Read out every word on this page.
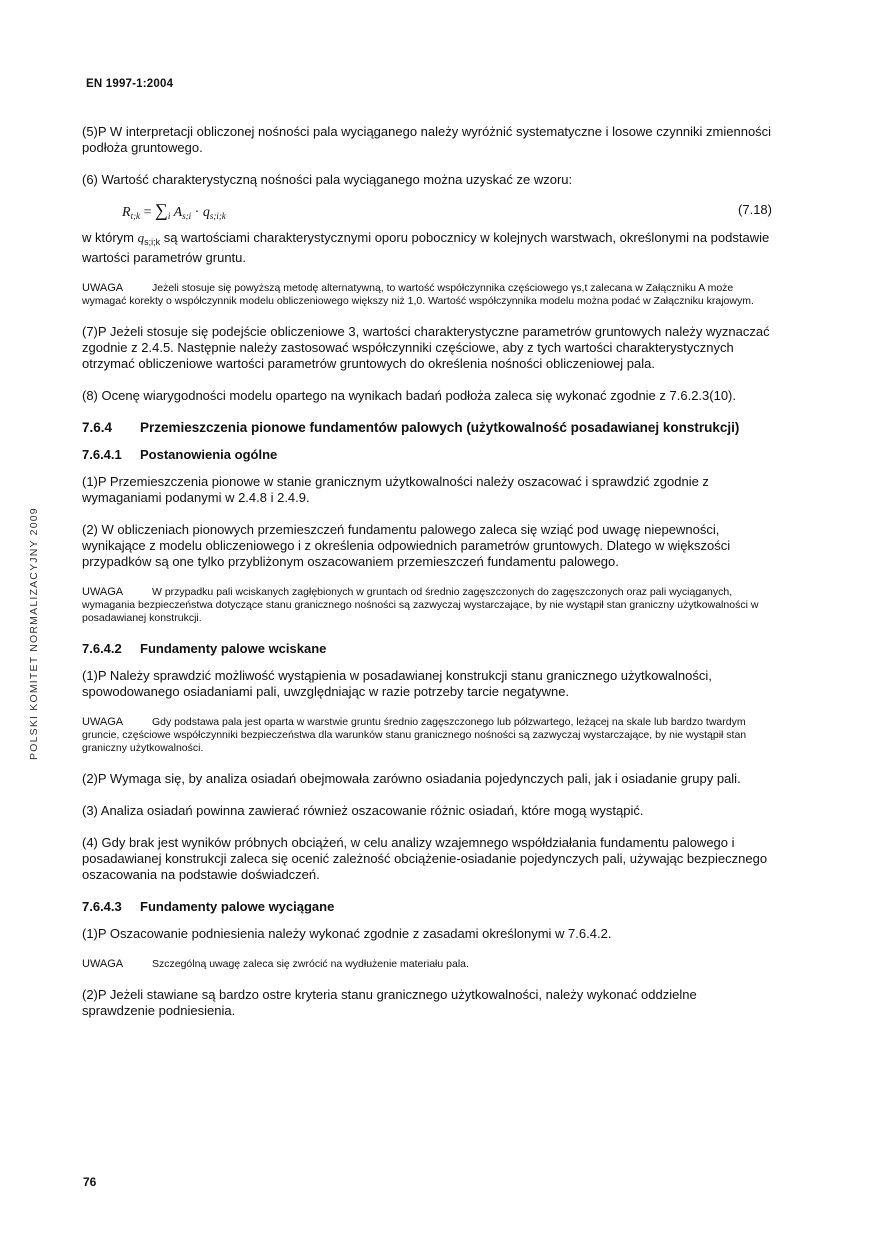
EN 1997-1:2004
POLSKI KOMITET NORMALIZACYJNY 2009

(5)P W interpretacji obliczonej nośności pala wyciąganego należy wyróżnić systematyczne i losowe czynniki zmienności podłoża gruntowego.

(6) Wartość charakterystyczną nośności pala wyciąganego można uzyskać ze wzoru:

$R_{t;k} = \sum_i$ $A_{s;i} \cdot q_{s;i;k}$	(7.18)

w którym $q_{s;i;k}$ są wartościami charakterystycznymi oporu pobocznicy w kolejnych warstwach, określonymi na podstawie wartości parametrów gruntu.

UWAGA	Jeżeli stosuje się powyższą metodę alternatywną, to wartość współczynnika częściowego γs,t zalecana w Załączniku A może wymagać korekty o współczynnik modelu obliczeniowego większy niż 1,0. Wartość współczynnika modelu można podać w Załączniku krajowym.

(7)P Jeżeli stosuje się podejście obliczeniowe 3, wartości charakterystyczne parametrów gruntowych należy wyznaczać zgodnie z 2.4.5. Następnie należy zastosować współczynniki częściowe, aby z tych wartości charakterystycznych otrzymać obliczeniowe wartości parametrów gruntowych do określenia nośności obliczeniowej pala.

(8) Ocenę wiarygodności modelu opartego na wynikach badań podłoża zaleca się wykonać zgodnie z 7.6.2.3(10).

7.6.4 Przemieszczenia pionowe fundamentów palowych (użytkowalność posadawianej konstrukcji)
7.6.4.1 Postanowienia ogólne

(1)P Przemieszczenia pionowe w stanie granicznym użytkowalności należy oszacować i sprawdzić zgodnie z wymaganiami podanymi w 2.4.8 i 2.4.9.

(2) W obliczeniach pionowych przemieszczeń fundamentu palowego zaleca się wziąć pod uwagę niepewności, wynikające z modelu obliczeniowego i z określenia odpowiednich parametrów gruntowych. Dlatego w większości przypadków są one tylko przybliżonym oszacowaniem przemieszczeń fundamentu palowego.

UWAGA	W przypadku pali wciskanych zagłębionych w gruntach od średnio zagęszczonych do zagęszczonych oraz pali wyciąganych, wymagania bezpieczeństwa dotyczące stanu granicznego nośności są zazwyczaj wystarczające, by nie wystąpił stan graniczny użytkowalności w posadawianej konstrukcji.

7.6.4.2 Fundamenty palowe wciskane

(1)P Należy sprawdzić możliwość wystąpienia w posadawianej konstrukcji stanu granicznego użytkowalności, spowodowanego osiadaniami pali, uwzględniając w razie potrzeby tarcie negatywne.

UWAGA	Gdy podstawa pala jest oparta w warstwie gruntu średnio zagęszczonego lub półzwartego, leżącej na skale lub bardzo twardym gruncie, częściowe współczynniki bezpieczeństwa dla warunków stanu granicznego nośności są zazwyczaj wystarczające, by nie wystąpił stan graniczny użytkowalności.

(2)P Wymaga się, by analiza osiadań obejmowała zarówno osiadania pojedynczych pali, jak i osiadanie grupy pali.

(3) Analiza osiadań powinna zawierać również oszacowanie różnic osiadań, które mogą wystąpić.

(4) Gdy brak jest wyników próbnych obciążeń, w celu analizy wzajemnego współdziałania fundamentu palowego i posadawianej konstrukcji zaleca się ocenić zależność obciążenie-osiadanie pojedynczych pali, używając bezpiecznego oszacowania na podstawie doświadczeń.

7.6.4.3 Fundamenty palowe wyciągane

(1)P Oszacowanie podniesienia należy wykonać zgodnie z zasadami określonymi w 7.6.4.2.

UWAGA	Szczególną uwagę zaleca się zwrócić na wydłużenie materiału pala.

(2)P Jeżeli stawiane są bardzo ostre kryteria stanu granicznego użytkowalności, należy wykonać oddzielne sprawdzenie podniesienia.

76
